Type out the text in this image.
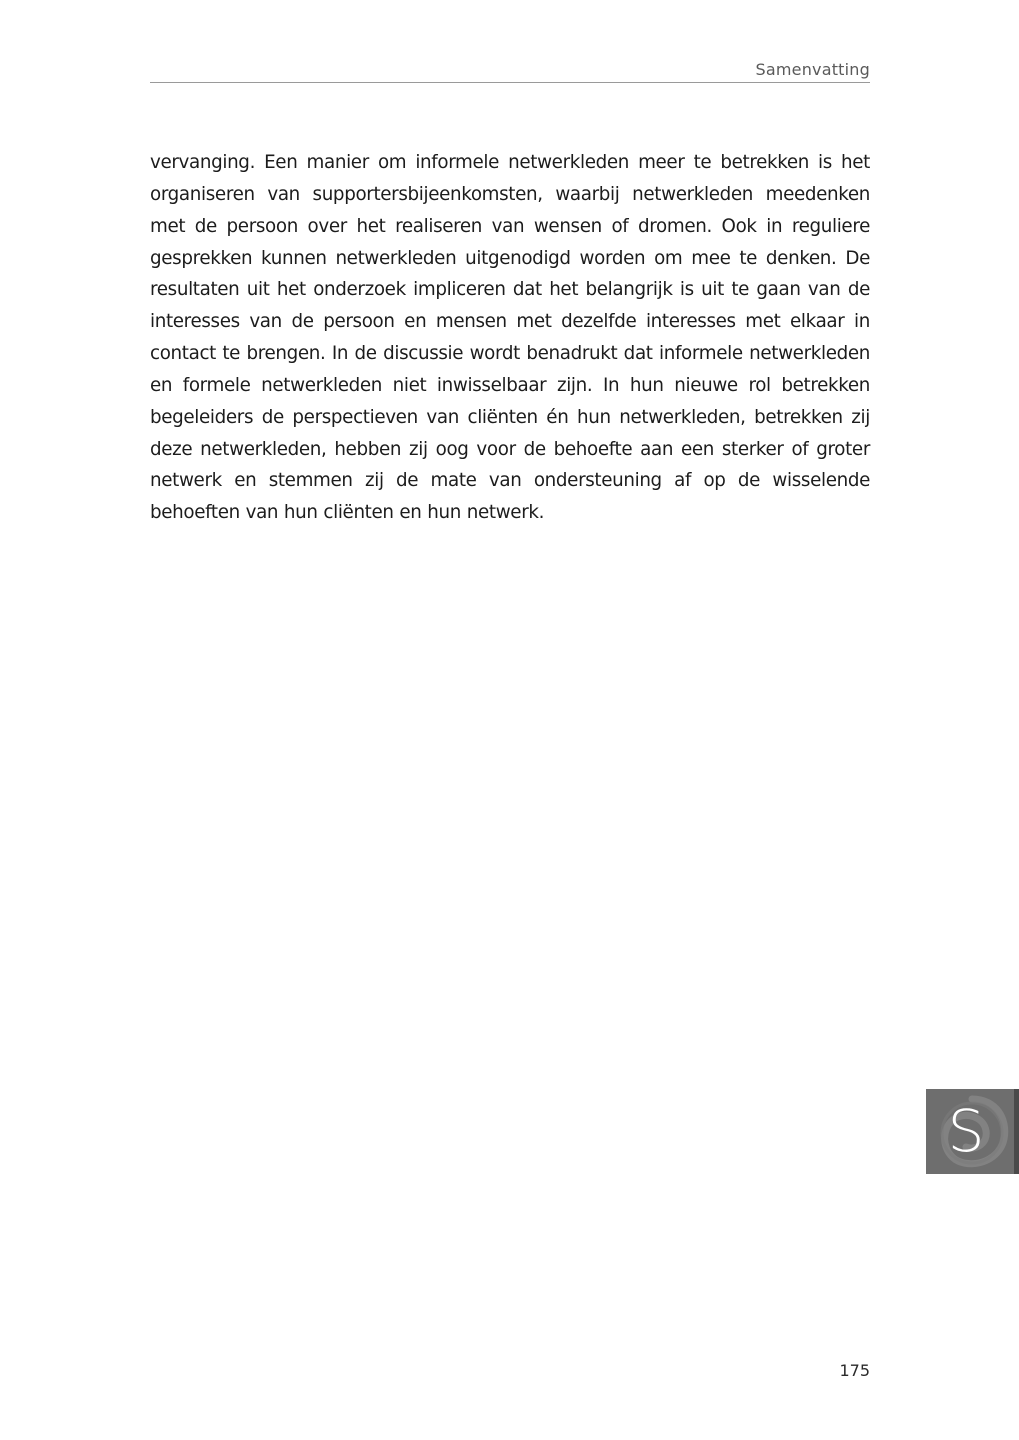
Samenvatting

vervanging. Een manier om informele netwerkleden meer te betrekken is het organiseren van supportersbijeenkomsten, waarbij netwerkleden meedenken met de persoon over het realiseren van wensen of dromen. Ook in reguliere gesprekken kunnen netwerkleden uitgenodigd worden om mee te denken. De resultaten uit het onderzoek impliceren dat het belangrijk is uit te gaan van de interesses van de persoon en mensen met dezelfde interesses met elkaar in contact te brengen. In de discussie wordt benadrukt dat informele netwerkleden en formele netwerkleden niet inwisselbaar zijn. In hun nieuwe rol betrekken begeleiders de perspectieven van cliënten én hun netwerkleden, betrekken zij deze netwerkleden, hebben zij oog voor de behoefte aan een sterker of groter netwerk en stemmen zij de mate van ondersteuning af op de wisselende behoeften van hun cliënten en hun netwerk.

S
175
